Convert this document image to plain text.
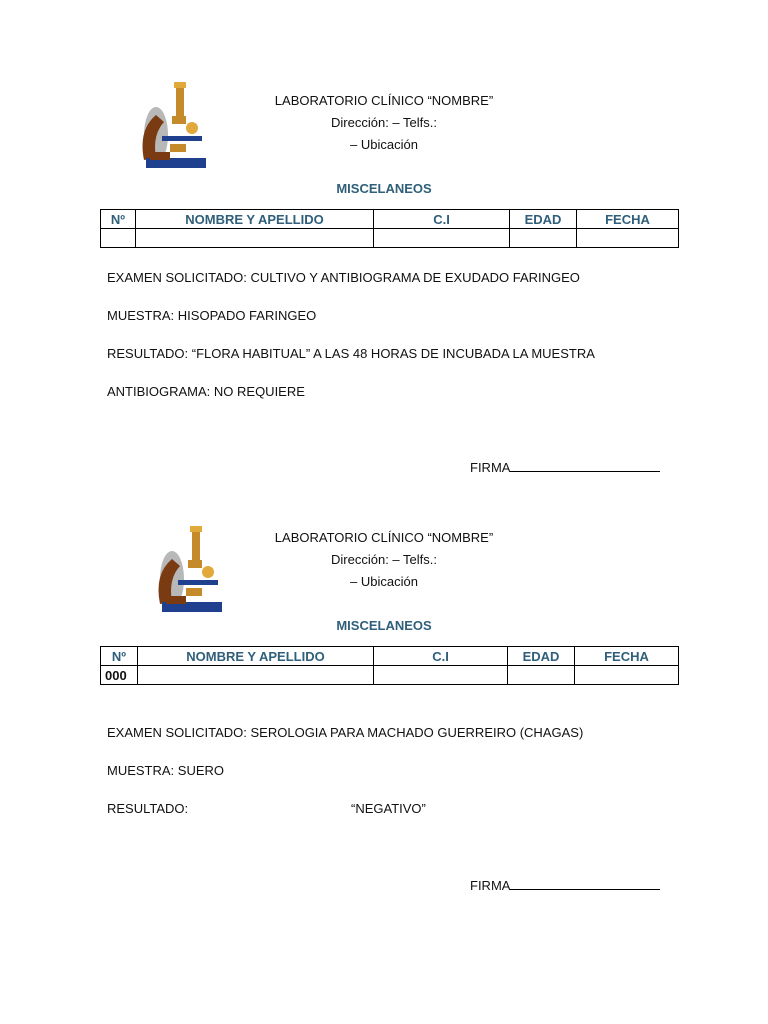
LABORATORIO CLÍNICO “NOMBRE”
Dirección: – Telfs.:
– Ubicación
MISCELANEOS
Nº	NOMBRE Y APELLIDO	C.I	EDAD	FECHA

EXAMEN SOLICITADO: CULTIVO Y ANTIBIOGRAMA DE EXUDADO FARINGEO
MUESTRA: HISOPADO FARINGEO
RESULTADO: “FLORA HABITUAL” A LAS 48 HORAS DE INCUBADA LA MUESTRA
ANTIBIOGRAMA: NO REQUIERE
FIRMA
LABORATORIO CLÍNICO “NOMBRE”
Dirección: – Telfs.:
– Ubicación
MISCELANEOS
Nº	NOMBRE Y APELLIDO	C.I	EDAD	FECHA
000				
EXAMEN SOLICITADO: SEROLOGIA PARA MACHADO GUERREIRO (CHAGAS)
MUESTRA: SUERO
RESULTADO:	“NEGATIVO”
FIRMA
